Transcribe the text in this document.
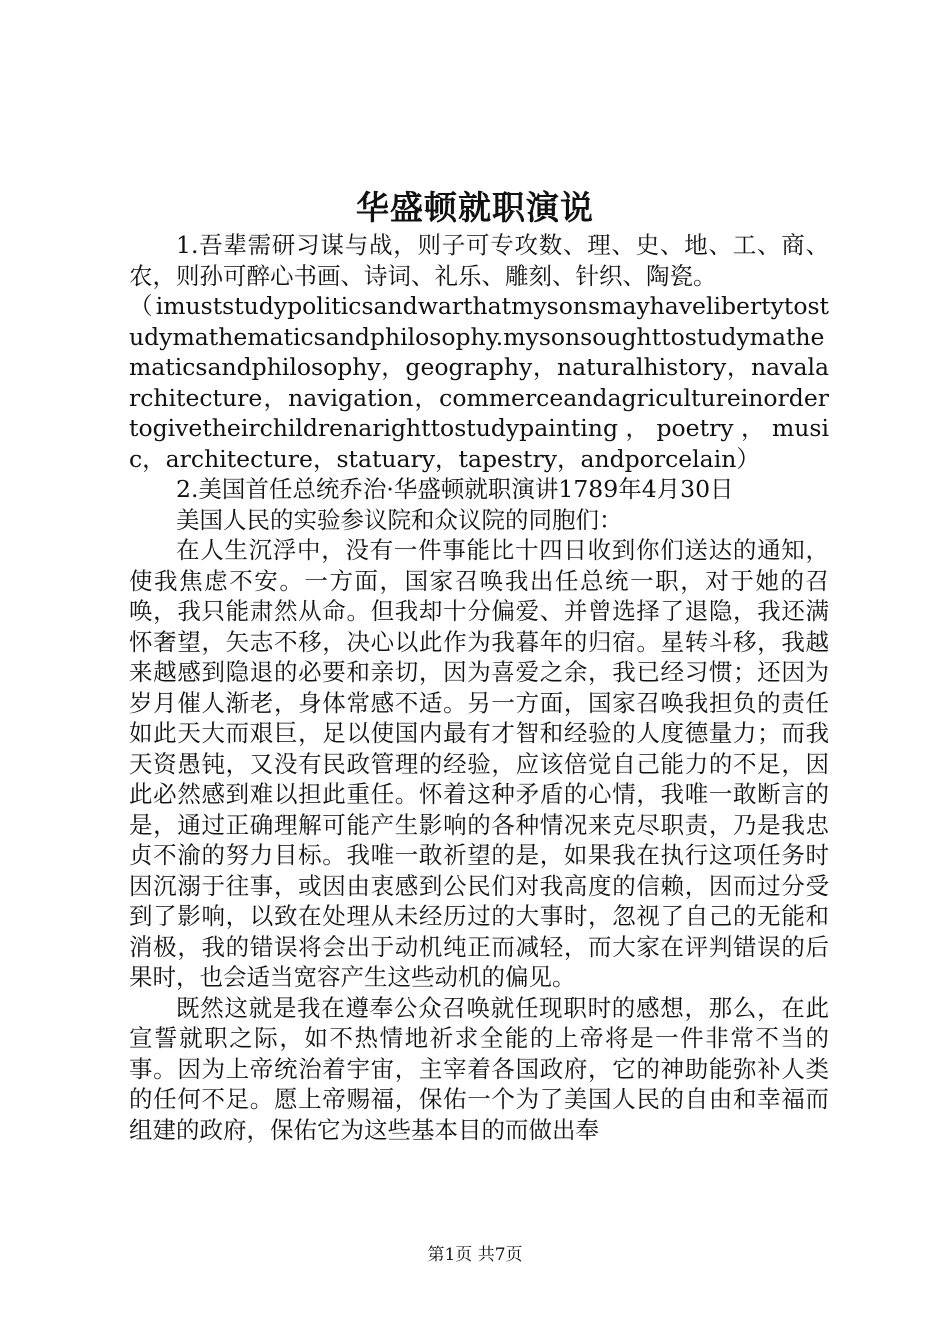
华盛顿就职演说

1.吾辈需研习谋与战，则子可专攻数、理、史、地、工、商、农，则孙可醉心书画、诗词、礼乐、雕刻、针织、陶瓷。

（imuststudypoliticsandwarthatmysonsmayhavelibertytostudymathematicsandphilosophy.mysonsoughttostudymathematicsandphilosophy，geography，naturalhistory，navalarchitecture，navigation，commerceandagricultureinordertogivetheirchildrenarighttostudypainting，poetry，music，architecture，statuary，tapestry，andporcelain）

2.美国首任总统乔治·华盛顿就职演讲1789年4月30日

美国人民的实验参议院和众议院的同胞们：

在人生沉浮中，没有一件事能比十四日收到你们送达的通知，使我焦虑不安。一方面，国家召唤我出任总统一职，对于她的召唤，我只能肃然从命。但我却十分偏爱、并曾选择了退隐，我还满怀奢望，矢志不移，决心以此作为我暮年的归宿。星转斗移，我越来越感到隐退的必要和亲切，因为喜爱之余，我已经习惯；还因为岁月催人渐老，身体常感不适。另一方面，国家召唤我担负的责任如此天大而艰巨，足以使国内最有才智和经验的人度德量力；而我天资愚钝，又没有民政管理的经验，应该倍觉自己能力的不足，因此必然感到难以担此重任。怀着这种矛盾的心情，我唯一敢断言的是，通过正确理解可能产生影响的各种情况来克尽职责，乃是我忠贞不渝的努力目标。我唯一敢祈望的是，如果我在执行这项任务时因沉溺于往事，或因由衷感到公民们对我高度的信赖，因而过分受到了影响，以致在处理从未经历过的大事时，忽视了自己的无能和消极，我的错误将会出于动机纯正而减轻，而大家在评判错误的后果时，也会适当宽容产生这些动机的偏见。

既然这就是我在遵奉公众召唤就任现职时的感想，那么，在此宣誓就职之际，如不热情地祈求全能的上帝将是一件非常不当的事。因为上帝统治着宇宙，主宰着各国政府，它的神助能弥补人类的任何不足。愿上帝赐福，保佑一个为了美国人民的自由和幸福而组建的政府，保佑它为这些基本目的而做出奉

第1页 共7页
